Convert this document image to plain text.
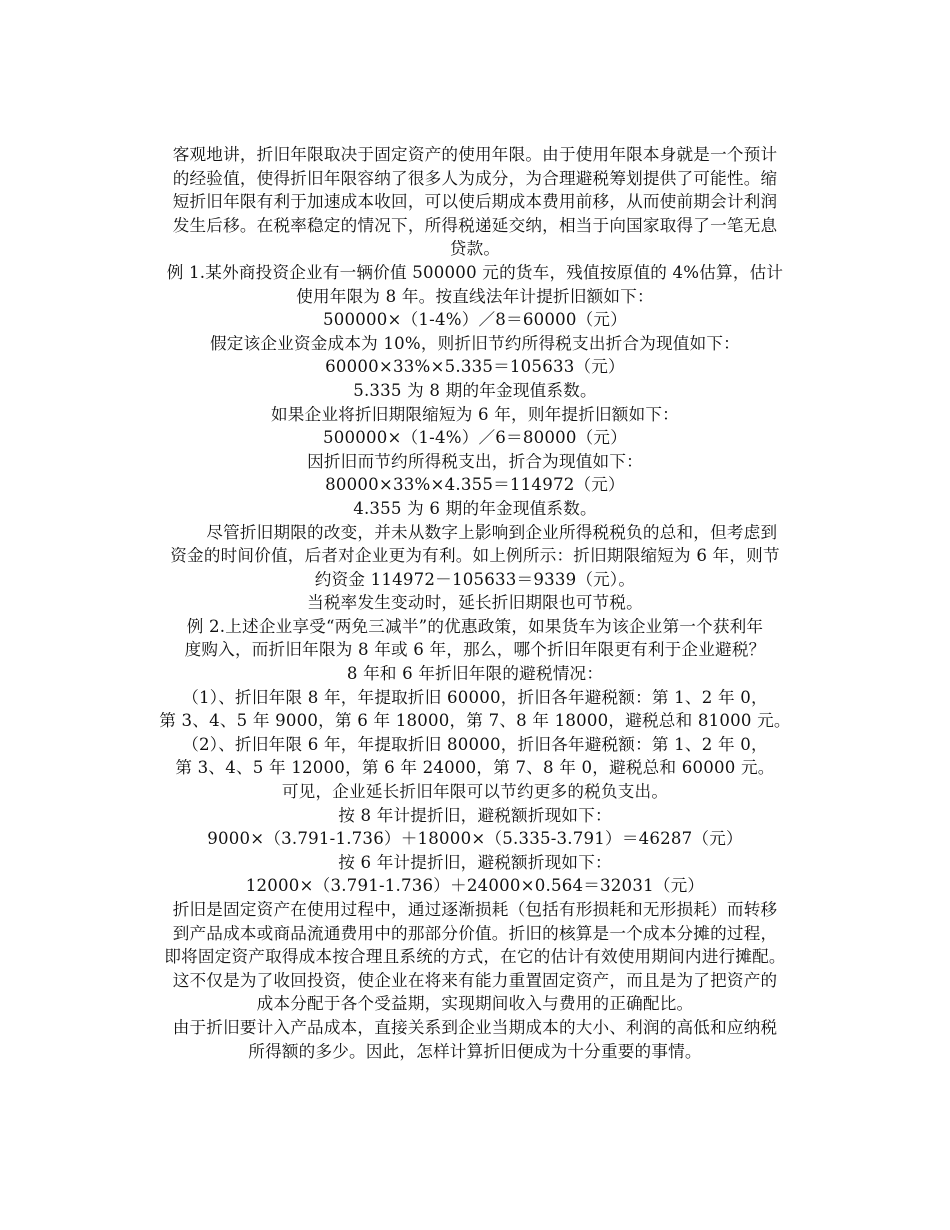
客观地讲，折旧年限取决于固定资产的使用年限。由于使用年限本身就是一个预计
的经验值，使得折旧年限容纳了很多人为成分，为合理避税筹划提供了可能性。缩
短折旧年限有利于加速成本收回，可以使后期成本费用前移，从而使前期会计利润
发生后移。在税率稳定的情况下，所得税递延交纳，相当于向国家取得了一笔无息
贷款。
例 1.某外商投资企业有一辆价值 500000 元的货车，残值按原值的 4%估算，估计
使用年限为 8 年。按直线法年计提折旧额如下：
500000×（1-4%）／8＝60000（元）
假定该企业资金成本为 10%，则折旧节约所得税支出折合为现值如下：
60000×33%×5.335＝105633（元）
5.335 为 8 期的年金现值系数。
如果企业将折旧期限缩短为 6 年，则年提折旧额如下：
500000×（1-4%）／6＝80000（元）
因折旧而节约所得税支出，折合为现值如下：
80000×33%×4.355＝114972（元）
4.355 为 6 期的年金现值系数。
　　尽管折旧期限的改变，并未从数字上影响到企业所得税税负的总和，但考虑到
资金的时间价值，后者对企业更为有利。如上例所示：折旧期限缩短为 6 年，则节
约资金 114972－105633＝9339（元）。
当税率发生变动时，延长折旧期限也可节税。
例 2.上述企业享受“两免三减半”的优惠政策，如果货车为该企业第一个获利年
度购入，而折旧年限为 8 年或 6 年，那么，哪个折旧年限更有利于企业避税？
8 年和 6 年折旧年限的避税情况：
（1）、折旧年限 8 年，年提取折旧 60000，折旧各年避税额：第 1、2 年 0，
第 3、4、5 年 9000，第 6 年 18000，第 7、8 年 18000，避税总和 81000 元。
（2）、折旧年限 6 年，年提取折旧 80000，折旧各年避税额：第 1、2 年 0，
第 3、4、5 年 12000，第 6 年 24000，第 7、8 年 0，避税总和 60000 元。
可见，企业延长折旧年限可以节约更多的税负支出。
按 8 年计提折旧，避税额折现如下：
9000×（3.791-1.736）＋18000×（5.335-3.791）＝46287（元）
按 6 年计提折旧，避税额折现如下：
12000×（3.791-1.736）＋24000×0.564＝32031（元）
折旧是固定资产在使用过程中，通过逐渐损耗（包括有形损耗和无形损耗）而转移
到产品成本或商品流通费用中的那部分价值。折旧的核算是一个成本分摊的过程，
即将固定资产取得成本按合理且系统的方式，在它的估计有效使用期间内进行摊配。
这不仅是为了收回投资，使企业在将来有能力重置固定资产，而且是为了把资产的
成本分配于各个受益期，实现期间收入与费用的正确配比。
由于折旧要计入产品成本，直接关系到企业当期成本的大小、利润的高低和应纳税
所得额的多少。因此，怎样计算折旧便成为十分重要的事情。
